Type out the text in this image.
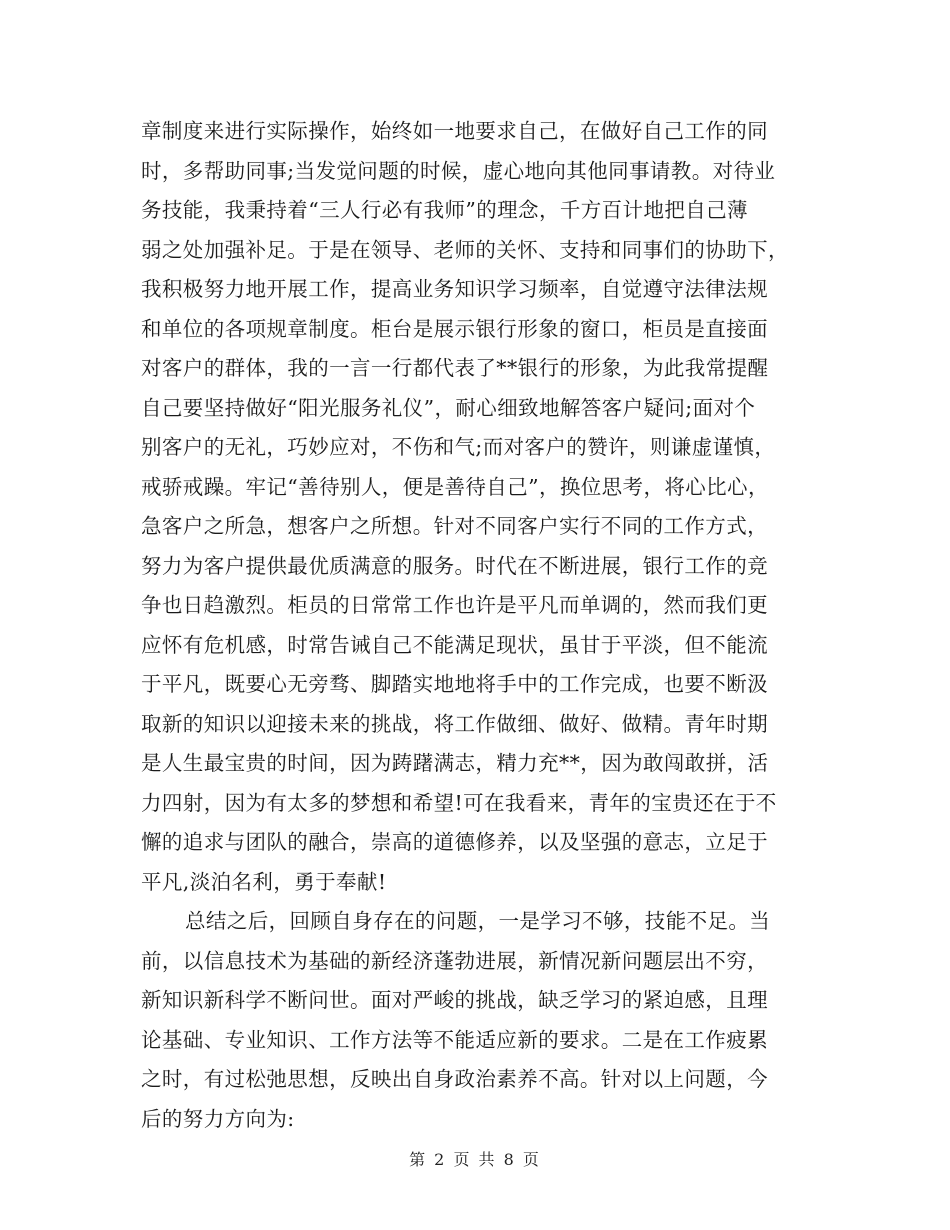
章制度来进行实际操作，始终如一地要求自己，在做好自己工作的同
时，多帮助同事;当发觉问题的时候，虚心地向其他同事请教。对待业
务技能，我秉持着“三人行必有我师”的理念，千方百计地把自己薄
弱之处加强补足。于是在领导、老师的关怀、支持和同事们的协助下，
我积极努力地开展工作，提高业务知识学习频率，自觉遵守法律法规
和单位的各项规章制度。柜台是展示银行形象的窗口，柜员是直接面
对客户的群体，我的一言一行都代表了**银行的形象，为此我常提醒
自己要坚持做好“阳光服务礼仪”，耐心细致地解答客户疑问;面对个
别客户的无礼，巧妙应对，不伤和气;而对客户的赞许，则谦虚谨慎，
戒骄戒躁。牢记“善待别人，便是善待自己”，换位思考，将心比心，
急客户之所急，想客户之所想。针对不同客户实行不同的工作方式，
努力为客户提供最优质满意的服务。时代在不断进展，银行工作的竞
争也日趋激烈。柜员的日常常工作也许是平凡而单调的，然而我们更
应怀有危机感，时常告诫自己不能满足现状，虽甘于平淡，但不能流
于平凡，既要心无旁骛、脚踏实地地将手中的工作完成，也要不断汲
取新的知识以迎接未来的挑战，将工作做细、做好、做精。青年时期
是人生最宝贵的时间，因为踌躇满志，精力充**，因为敢闯敢拼，活
力四射，因为有太多的梦想和希望!可在我看来，青年的宝贵还在于不
懈的追求与团队的融合，崇高的道德修养，以及坚强的意志，立足于
平凡,淡泊名利，勇于奉献!
总结之后，回顾自身存在的问题，一是学习不够，技能不足。当
前，以信息技术为基础的新经济蓬勃进展，新情况新问题层出不穷，
新知识新科学不断问世。面对严峻的挑战，缺乏学习的紧迫感，且理
论基础、专业知识、工作方法等不能适应新的要求。二是在工作疲累
之时，有过松弛思想，反映出自身政治素养不高。针对以上问题，今
后的努力方向为:
第 2 页 共 8 页
